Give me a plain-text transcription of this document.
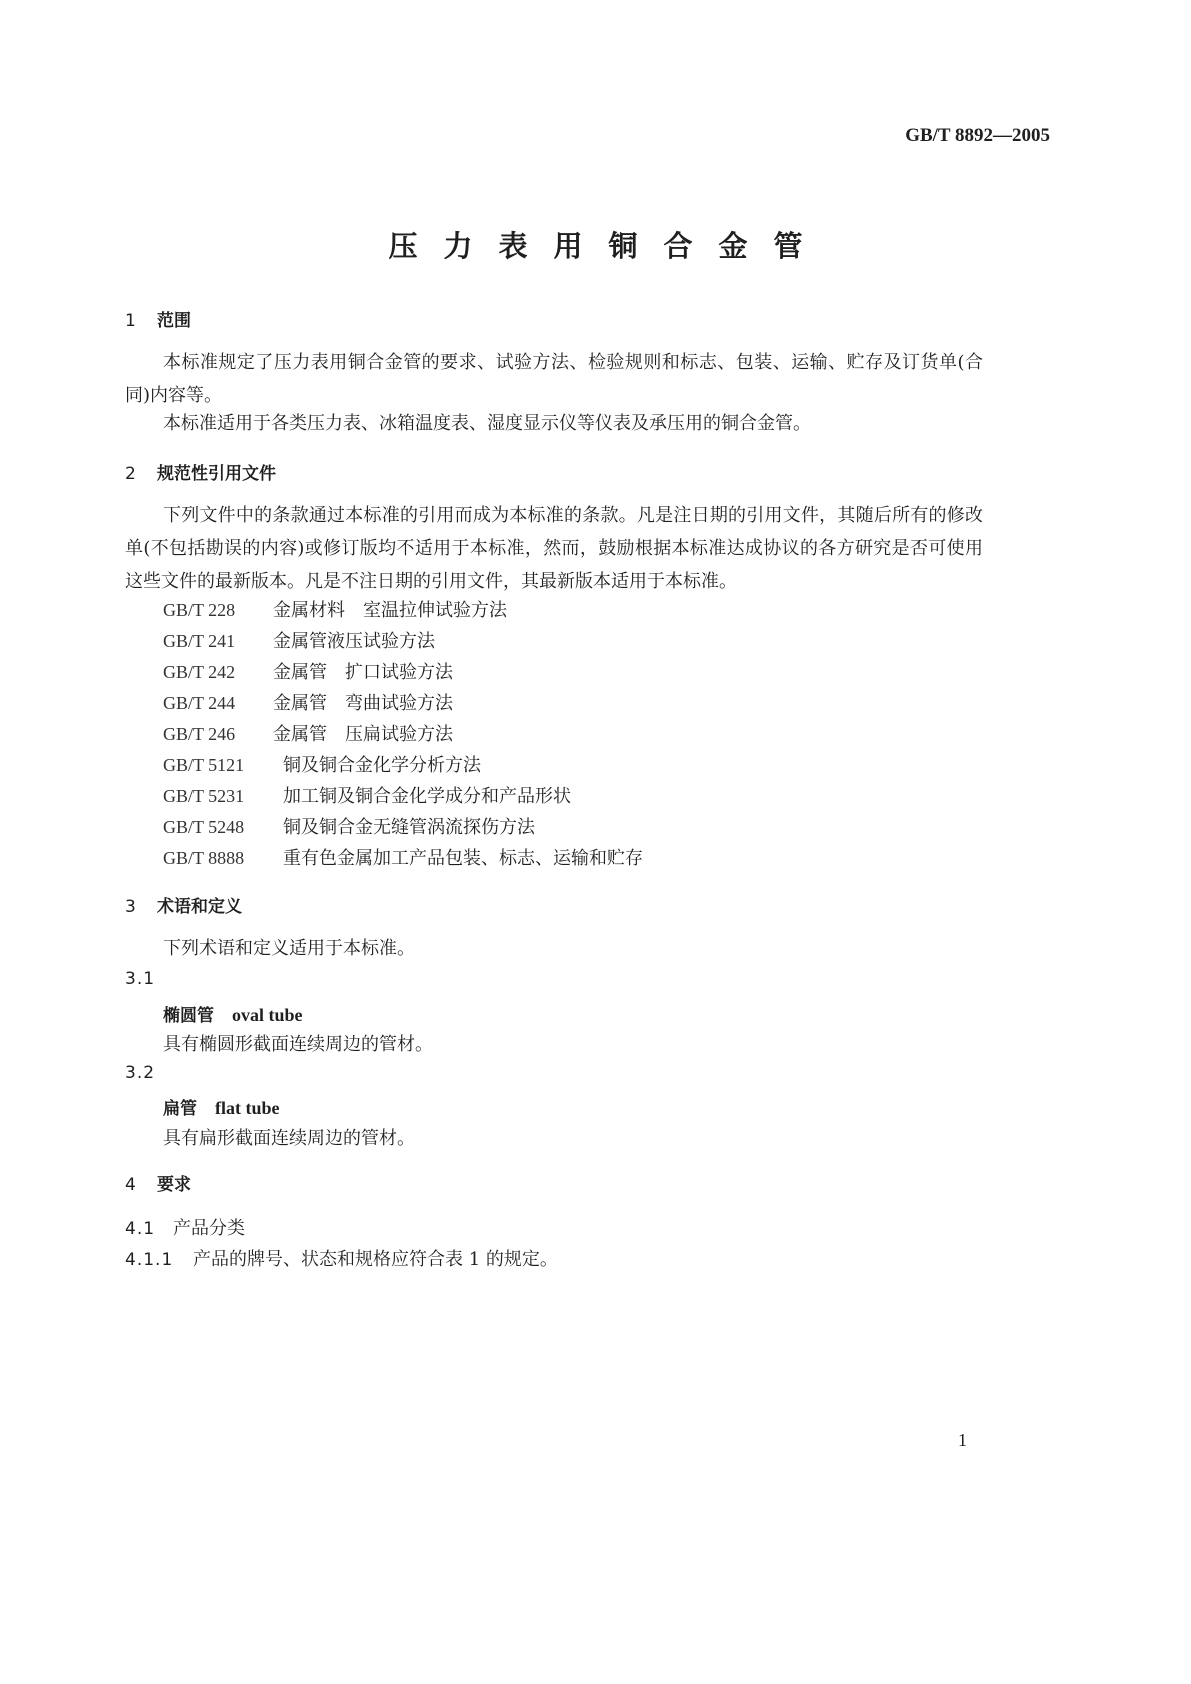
GB/T 8892—2005
压力表用铜合金管
1 范围
本标准规定了压力表用铜合金管的要求、试验方法、检验规则和标志、包装、运输、贮存及订货单(合同)内容等。
本标准适用于各类压力表、冰箱温度表、湿度显示仪等仪表及承压用的铜合金管。
2 规范性引用文件
下列文件中的条款通过本标准的引用而成为本标准的条款。凡是注日期的引用文件，其随后所有的修改单(不包括勘误的内容)或修订版均不适用于本标准，然而，鼓励根据本标准达成协议的各方研究是否可使用这些文件的最新版本。凡是不注日期的引用文件，其最新版本适用于本标准。
GB/T 228 金属材料　室温拉伸试验方法
GB/T 241 金属管液压试验方法
GB/T 242 金属管　扩口试验方法
GB/T 244 金属管　弯曲试验方法
GB/T 246 金属管　压扁试验方法
GB/T 5121 铜及铜合金化学分析方法
GB/T 5231 加工铜及铜合金化学成分和产品形状
GB/T 5248 铜及铜合金无缝管涡流探伤方法
GB/T 8888 重有色金属加工产品包装、标志、运输和贮存
3 术语和定义
下列术语和定义适用于本标准。
3.1
椭圆管 oval tube
具有椭圆形截面连续周边的管材。
3.2
扁管 flat tube
具有扁形截面连续周边的管材。
4 要求
4.1 产品分类
4.1.1 产品的牌号、状态和规格应符合表 1 的规定。
1
